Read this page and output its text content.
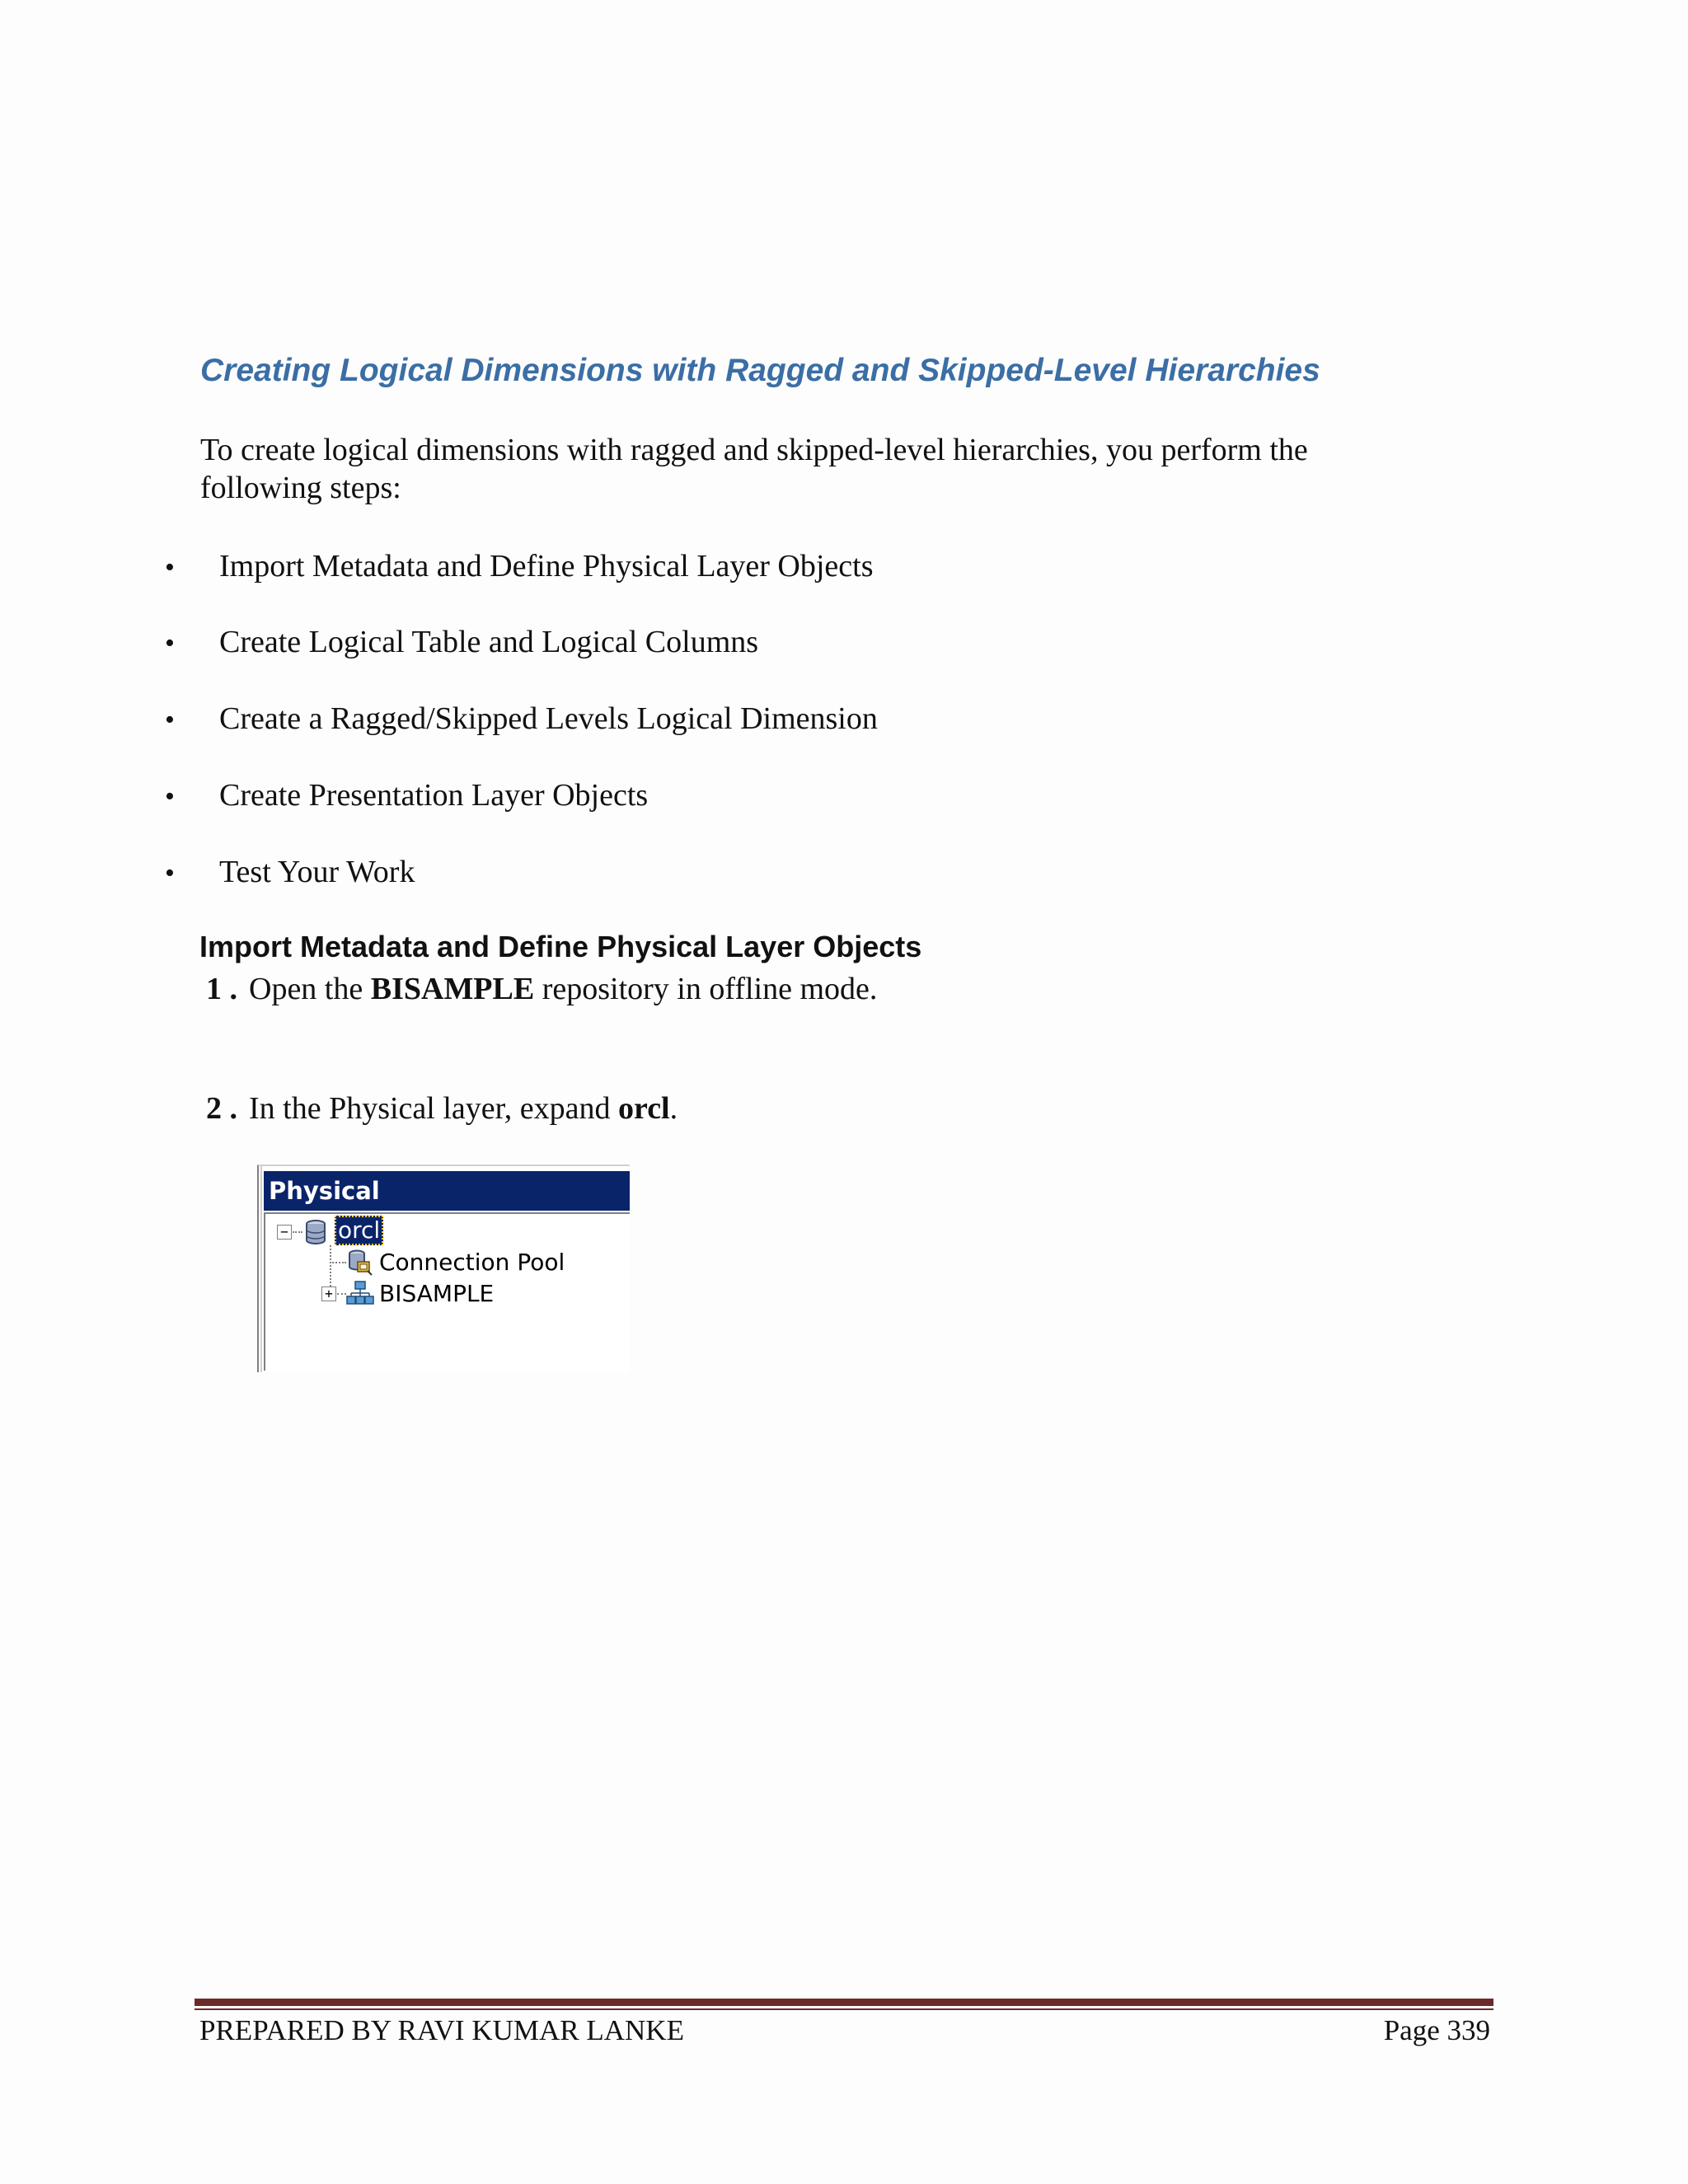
Creating Logical Dimensions with Ragged and Skipped-Level Hierarchies

To create logical dimensions with ragged and skipped-level hierarchies, you perform the following steps:

• Import Metadata and Define Physical Layer Objects
• Create Logical Table and Logical Columns
• Create a Ragged/Skipped Levels Logical Dimension
• Create Presentation Layer Objects
• Test Your Work
Import Metadata and Define Physical Layer Objects
1 . Open the BISAMPLE repository in offline mode.
2 . In the Physical layer, expand orcl.
Physical
− orcl
Connection Pool
+ BISAMPLE
PREPARED BY RAVI KUMAR LANKE	Page 339
